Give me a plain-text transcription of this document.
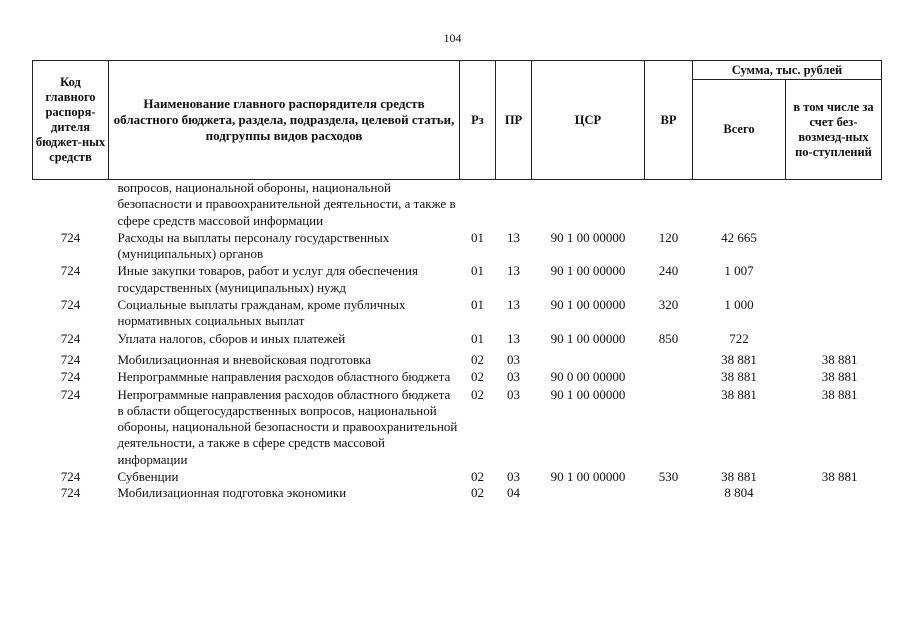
104
Код главного распоря-дителя бюджет-ных средств	Наименование главного распорядителя средств областного бюджета, раздела, подраздела, целевой статьи, подгруппы видов расходов	Рз	ПР	ЦСР	ВР	Сумма, тыс. рублей	
						Всего	в том числе за счет без-возмезд-ных по-ступлений
	вопросов, национальной обороны, национальной безопасности и правоохранительной деятельности, а также в сфере средств массовой информации						
724	Расходы на выплаты персоналу государственных (муниципальных) органов	01	13	90 1 00 00000	120	42 665	
724	Иные закупки товаров, работ и услуг для обеспечения государственных (муниципальных) нужд	01	13	90 1 00 00000	240	1 007	
724	Социальные выплаты гражданам, кроме публичных нормативных социальных выплат	01	13	90 1 00 00000	320	1 000	
724	Уплата налогов, сборов и иных платежей	01	13	90 1 00 00000	850	722	
724	Мобилизационная и вневойсковая подготовка	02	03			38 881	38 881
724	Непрограммные направления расходов областного бюджета	02	03	90 0 00 00000		38 881	38 881
724	Непрограммные направления расходов областного бюджета в области общегосударственных вопросов, национальной обороны, национальной безопасности и правоохранительной деятельности, а также в сфере средств массовой информации	02	03	90 1 00 00000		38 881	38 881
724	Субвенции	02	03	90 1 00 00000	530	38 881	38 881
724	Мобилизационная подготовка экономики	02	04			8 804	
